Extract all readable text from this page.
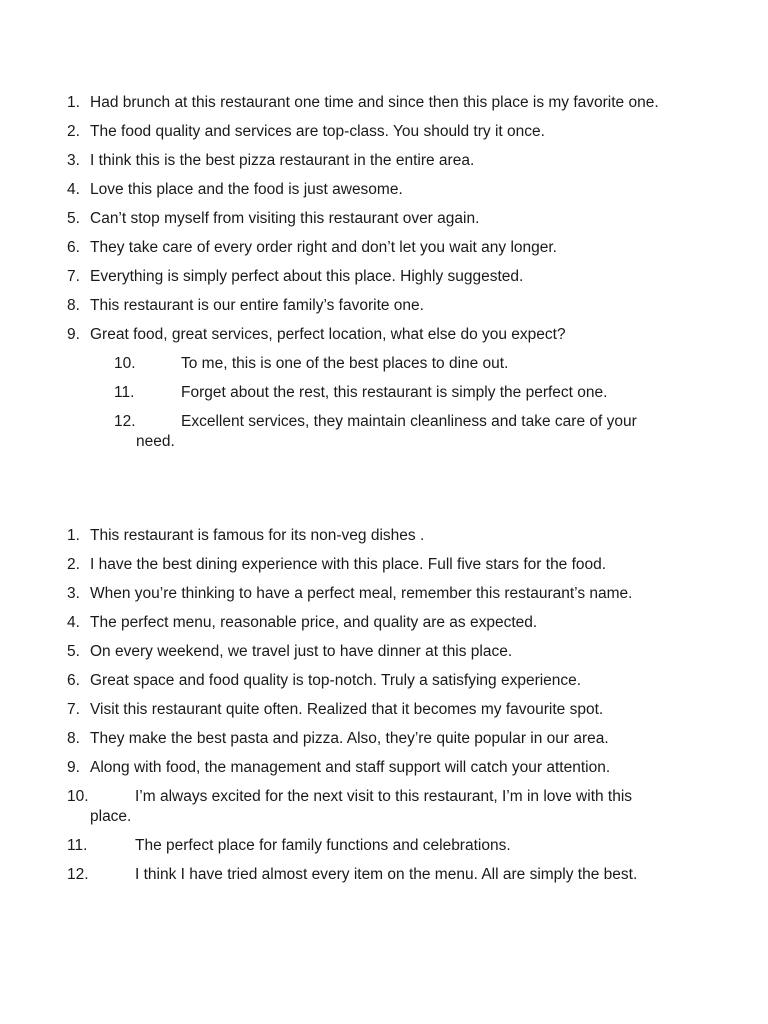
1. Had brunch at this restaurant one time and since then this place is my favorite one.
2. The food quality and services are top-class. You should try it once.
3. I think this is the best pizza restaurant in the entire area.
4. Love this place and the food is just awesome.
5. Can’t stop myself from visiting this restaurant over again.
6. They take care of every order right and don’t let you wait any longer.
7. Everything is simply perfect about this place. Highly suggested.
8. This restaurant is our entire family’s favorite one.
9. Great food, great services, perfect location, what else do you expect?
10.	To me, this is one of the best places to dine out.
11.	Forget about the rest, this restaurant is simply the perfect one.
12.	Excellent services, they maintain cleanliness and take care of your need.
1. This restaurant is famous for its non-veg dishes .
2. I have the best dining experience with this place. Full five stars for the food.
3. When you’re thinking to have a perfect meal, remember this restaurant’s name.
4. The perfect menu, reasonable price, and quality are as expected.
5. On every weekend, we travel just to have dinner at this place.
6. Great space and food quality is top-notch. Truly a satisfying experience.
7. Visit this restaurant quite often. Realized that it becomes my favourite spot.
8. They make the best pasta and pizza. Also, they’re quite popular in our area.
9. Along with food, the management and staff support will catch your attention.
10.	I’m always excited for the next visit to this restaurant, I’m in love with this place.
11.	The perfect place for family functions and celebrations.
12.	I think I have tried almost every item on the menu. All are simply the best.
